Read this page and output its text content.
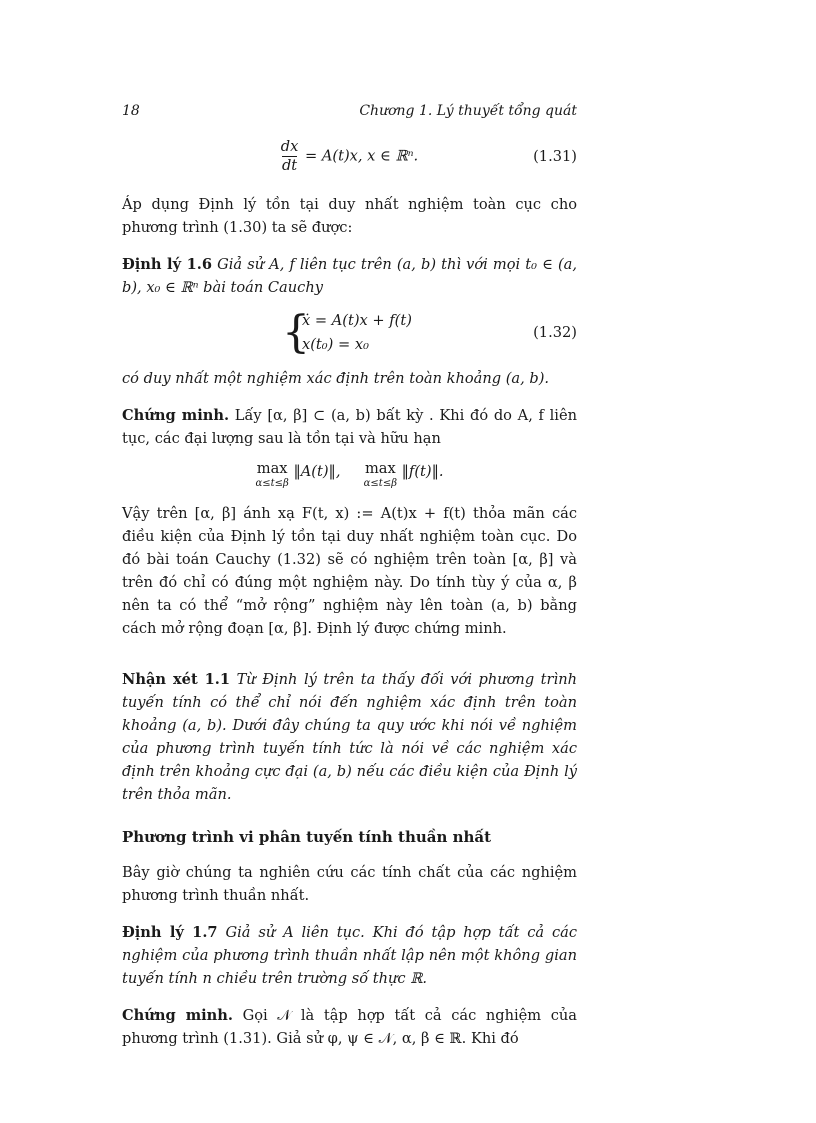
18	Chương 1. Lý thuyết tổng quát
$\frac{dx}{dt} = A(t)x$, x ∈ ℝⁿ.	(1.31)

Áp dụng Định lý tồn tại duy nhất nghiệm toàn cục cho phương trình (1.30) ta sẽ được:

Định lý 1.6 Giả sử A, f liên tục trên (a, b) thì với mọi t₀ ∈ (a, b), x₀ ∈ ℝⁿ bài toán Cauchy

{
ẋ = A(t)x + f(t)
x(t₀) = x₀
(1.32)

có duy nhất một nghiệm xác định trên toàn khoảng (a, b).

Chứng minh. Lấy [α, β] ⊂ (a, b) bất kỳ . Khi đó do A, f liên tục, các đại lượng sau là tồn tại và hữu hạn

max
α≤t≤β
‖A(t)‖, max
α≤t≤β
‖f(t)‖.

Vậy trên [α, β] ánh xạ F(t, x) := A(t)x + f(t) thỏa mãn các điều kiện của Định lý tồn tại duy nhất nghiệm toàn cục. Do đó bài toán Cauchy (1.32) sẽ có nghiệm trên toàn [α, β] và trên đó chỉ có đúng một nghiệm này. Do tính tùy ý của α, β nên ta có thể “mở rộng” nghiệm này lên toàn (a, b) bằng cách mở rộng đoạn [α, β]. Định lý được chứng minh.

Nhận xét 1.1 Từ Định lý trên ta thấy đối với phương trình tuyến tính có thể chỉ nói đến nghiệm xác định trên toàn khoảng (a, b). Dưới đây chúng ta quy ước khi nói về nghiệm của phương trình tuyến tính tức là nói về các nghiệm xác định trên khoảng cực đại (a, b) nếu các điều kiện của Định lý trên thỏa mãn.

Phương trình vi phân tuyến tính thuần nhất

Bây giờ chúng ta nghiên cứu các tính chất của các nghiệm phương trình thuần nhất.

Định lý 1.7 Giả sử A liên tục. Khi đó tập hợp tất cả các nghiệm của phương trình thuần nhất lập nên một không gian tuyến tính n chiều trên trường số thực ℝ.

Chứng minh. Gọi 𝒩 là tập hợp tất cả các nghiệm của phương trình (1.31). Giả sử φ, ψ ∈ 𝒩, α, β ∈ ℝ. Khi đó
